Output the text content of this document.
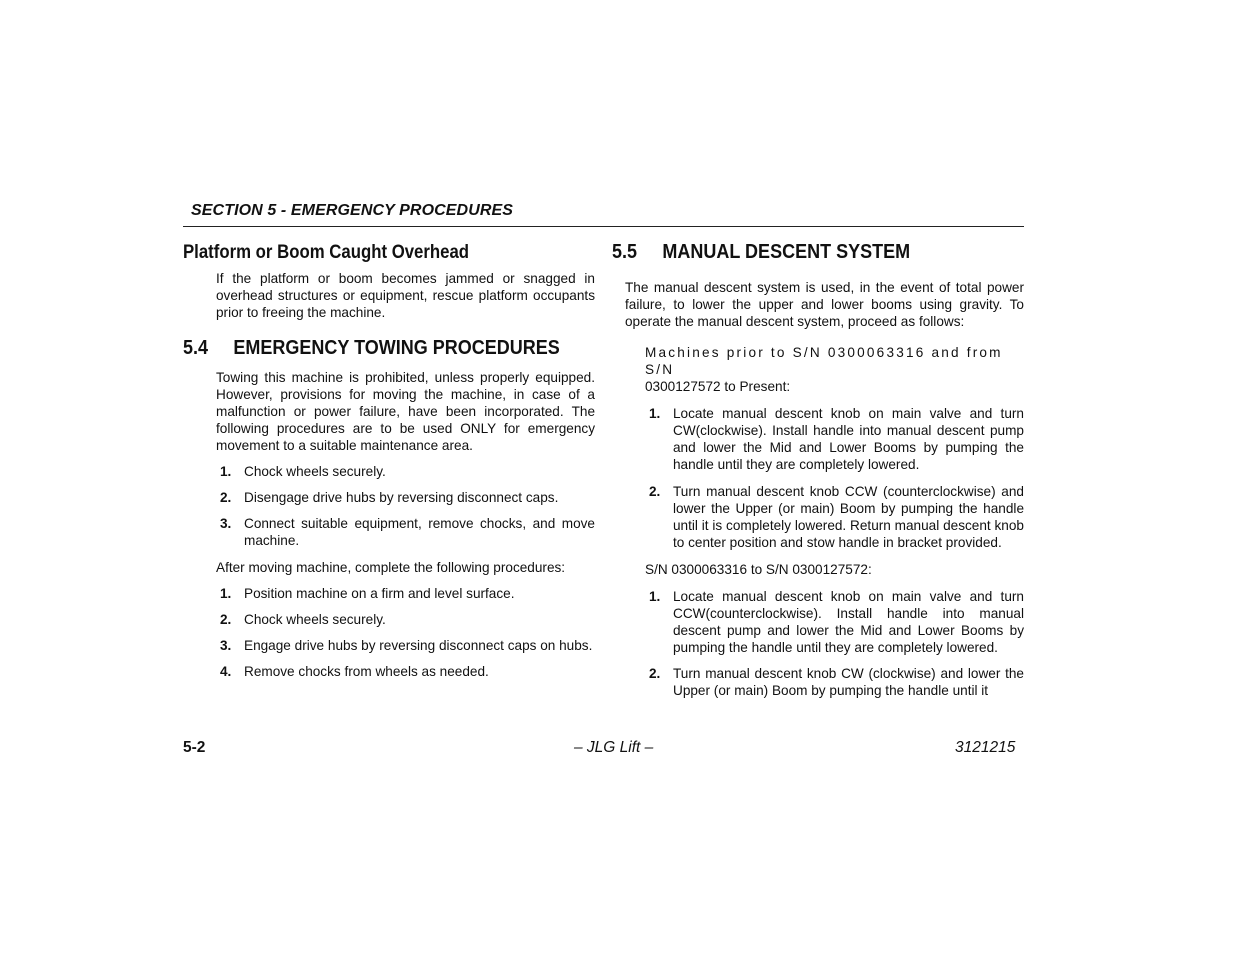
SECTION 5 - EMERGENCY PROCEDURES
Platform or Boom Caught Overhead

If the platform or boom becomes jammed or snagged in overhead structures or equipment, rescue platform occupants prior to freeing the machine.

5.4 EMERGENCY TOWING PROCEDURES

Towing this machine is prohibited, unless properly equipped. However, provisions for moving the machine, in case of a malfunction or power failure, have been incorporated. The following procedures are to be used ONLY for emergency movement to a suitable maintenance area.

1. Chock wheels securely.
2. Disengage drive hubs by reversing disconnect caps.
3. Connect suitable equipment, remove chocks, and move machine.

After moving machine, complete the following procedures:

1. Position machine on a firm and level surface.
2. Chock wheels securely.
3. Engage drive hubs by reversing disconnect caps on hubs.
4. Remove chocks from wheels as needed.
5.5 MANUAL DESCENT SYSTEM

The manual descent system is used, in the event of total power failure, to lower the upper and lower booms using gravity. To operate the manual descent system, proceed as follows:

Machines prior to S/N 0300063316 and from S/N

0300127572 to Present:

1. Locate manual descent knob on main valve and turn CW(clockwise). Install handle into manual descent pump and lower the Mid and Lower Booms by pumping the handle until they are completely lowered.
2. Turn manual descent knob CCW (counterclockwise) and lower the Upper (or main) Boom by pumping the handle until it is completely lowered. Return manual descent knob to center position and stow handle in bracket provided.

S/N 0300063316 to S/N 0300127572:

1. Locate manual descent knob on main valve and turn CCW(counterclockwise). Install handle into manual descent pump and lower the Mid and Lower Booms by pumping the handle until they are completely lowered.
2. Turn manual descent knob CW (clockwise) and lower the Upper (or main) Boom by pumping the handle until it
5-2	– JLG Lift –	3121215
